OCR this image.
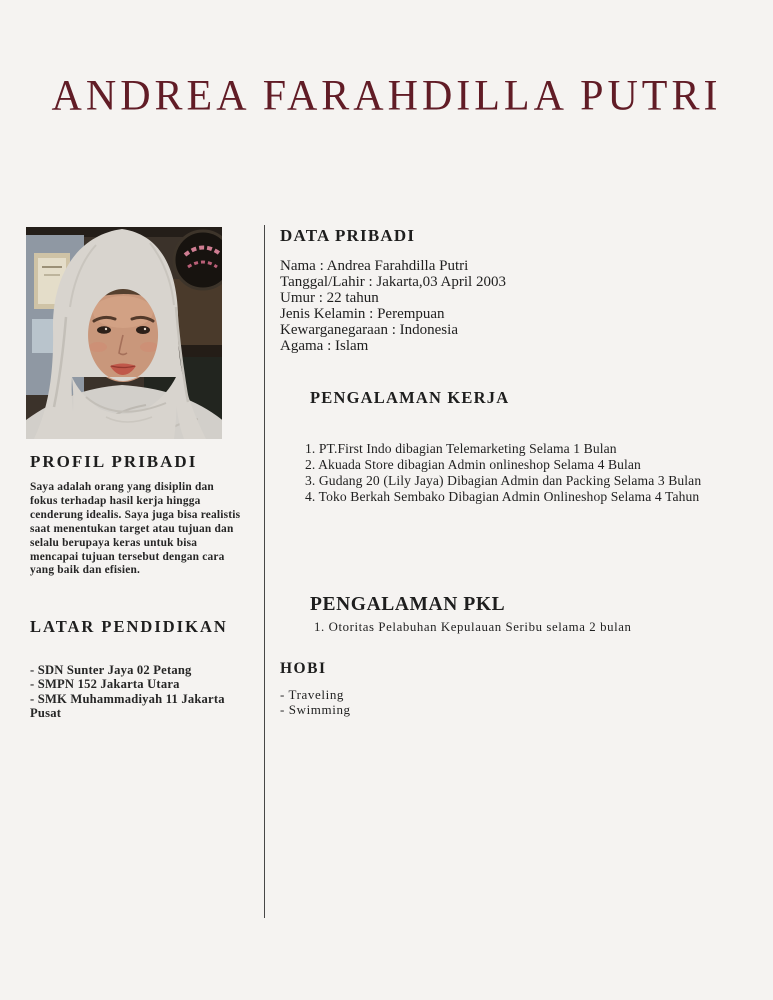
ANDREA FARAHDILLA PUTRI
PROFIL PRIBADI

Saya adalah orang yang disiplin dan fokus terhadap hasil kerja hingga cenderung idealis. Saya juga bisa realistis saat menentukan target atau tujuan dan selalu berupaya keras untuk bisa mencapai tujuan tersebut dengan cara yang baik dan efisien.

LATAR PENDIDIKAN
- SDN Sunter Jaya 02 Petang
- SMPN 152 Jakarta Utara
- SMK Muhammadiyah 11 Jakarta Pusat
DATA PRIBADI
Nama : Andrea Farahdilla Putri
Tanggal/Lahir : Jakarta,03 April 2003
Umur : 22 tahun
Jenis Kelamin : Perempuan
Kewarganegaraan : Indonesia
Agama : Islam
PENGALAMAN KERJA
1. PT.First Indo dibagian Telemarketing Selama 1 Bulan
2. Akuada Store dibagian Admin onlineshop Selama 4 Bulan
3. Gudang 20 (Lily Jaya) Dibagian Admin dan Packing Selama 3 Bulan
4. Toko Berkah Sembako Dibagian Admin Onlineshop Selama 4 Tahun
PENGALAMAN PKL
1. Otoritas Pelabuhan Kepulauan Seribu selama 2 bulan
HOBI
- Traveling
- Swimming
